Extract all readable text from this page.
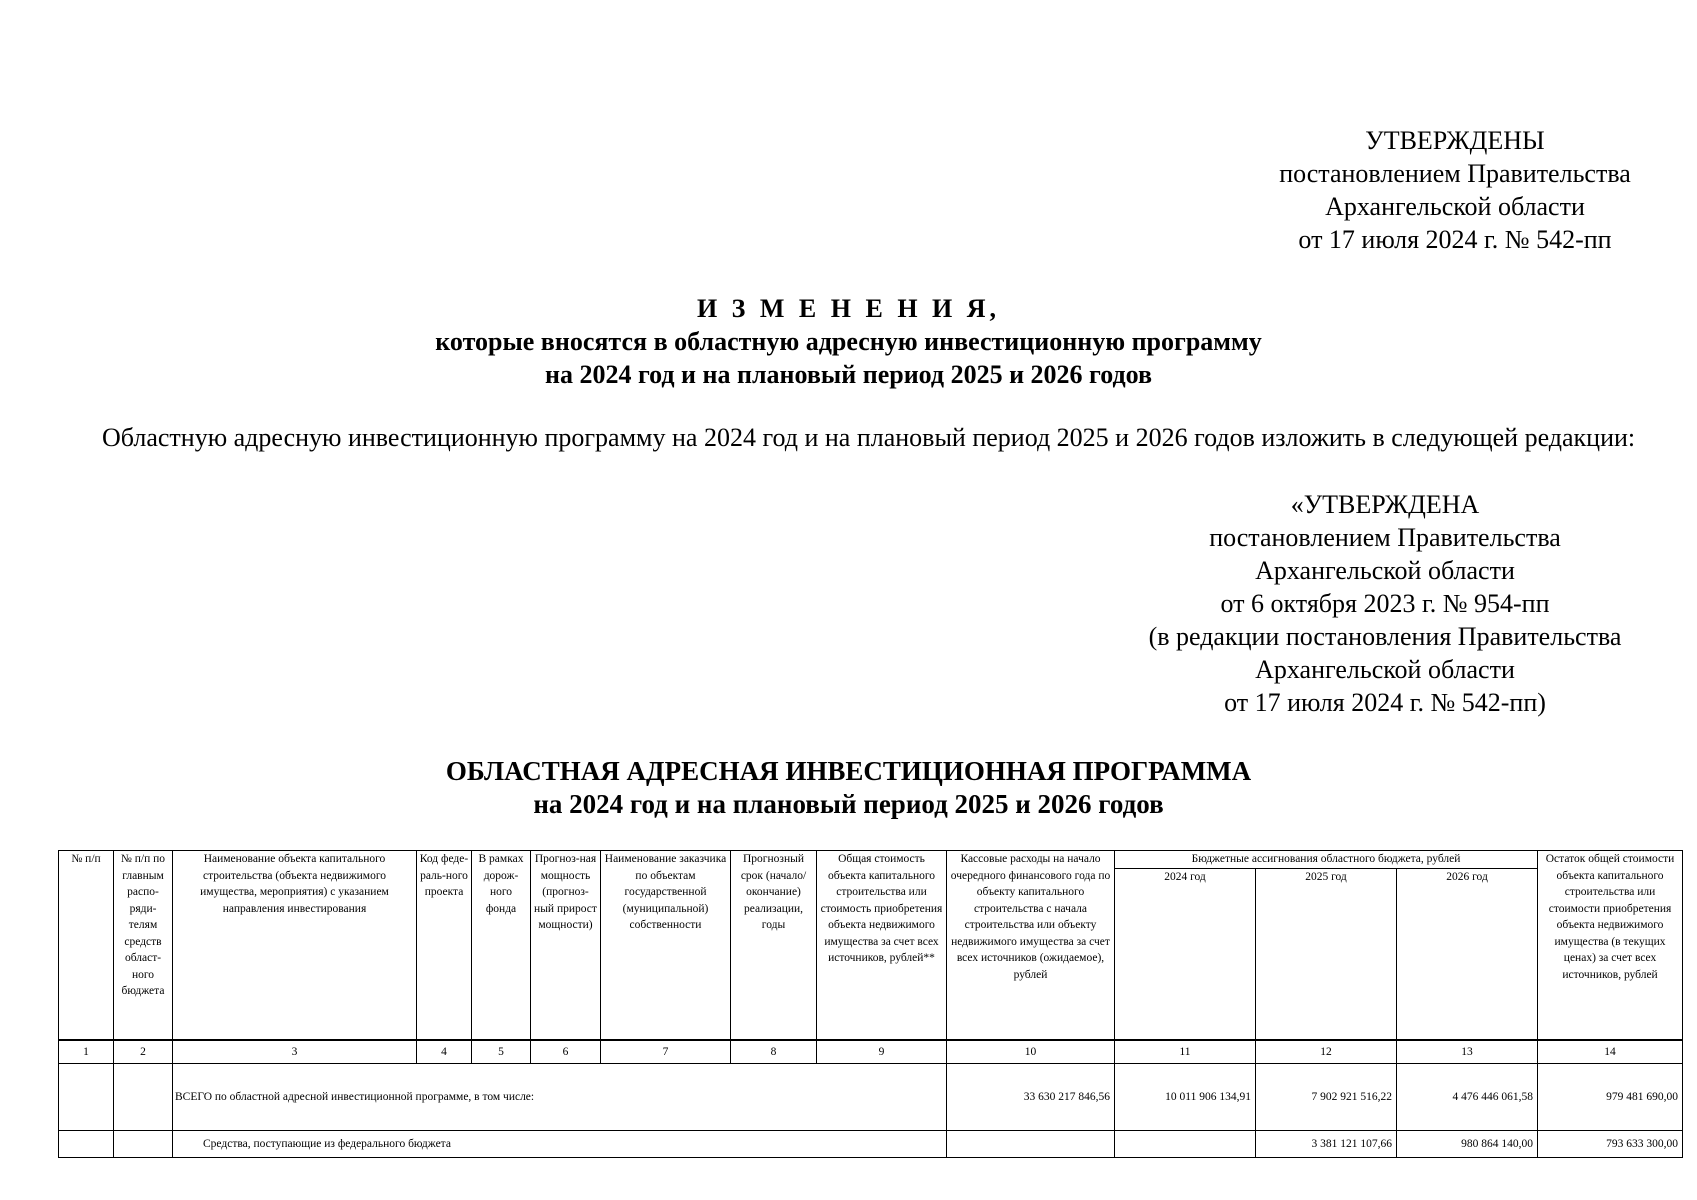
УТВЕРЖДЕНЫ
постановлением Правительства
Архангельской области
от 17 июля 2024 г. № 542-пп
И З М Е Н Е Н И Я,
которые вносятся в областную адресную инвестиционную программу
на 2024 год и на плановый период 2025 и 2026 годов
Областную адресную инвестиционную программу на 2024 год и на плановый период 2025 и 2026 годов изложить в следующей редакции:
«УТВЕРЖДЕНА
постановлением Правительства
Архангельской области
от 6 октября 2023 г. № 954-пп
(в редакции постановления Правительства
Архангельской области
от 17 июля 2024 г. № 542-пп)
ОБЛАСТНАЯ АДРЕСНАЯ ИНВЕСТИЦИОННАЯ ПРОГРАММА
на 2024 год и на плановый период 2025 и 2026 годов
№ п/п	№ п/п по главным распо-ряди-телям средств област-ного бюджета	Наименование объекта капитального строительства (объекта недвижимого имущества, мероприятия) с указанием направления инвестирования	Код феде-раль-ного проекта	В рамках дорож-ного фонда	Прогноз-ная мощность (прогноз-ный прирост мощности)	Наименование заказчика по объектам государственной (муниципальной) собственности	Прогнозный срок (начало/ окончание) реализации, годы	Общая стоимость объекта капитального строительства или стоимость приобретения объекта недвижимого имущества за счет всех источников, рублей**	Кассовые расходы на начало очередного финансового года по объекту капитального строительства с начала строительства или объекту недвижимого имущества за счет всех источников (ожидаемое), рублей	Бюджетные ассигнования областного бюджета, рублей			Остаток общей стоимости объекта капитального строительства или стоимости приобретения объекта недвижимого имущества (в текущих ценах) за счет всех источников, рублей	
										2024 год	2025 год	2026 год		
1	2	3	4	5	6	7	8	9	10	11	12	13	14	
		ВСЕГО по областной адресной инвестиционной программе, в том числе:							33 630 217 846,56	10 011 906 134,91	7 902 921 516,22	4 476 446 061,58	979 481 690,00	
		Средства, поступающие из федерального бюджета									3 381 121 107,66	980 864 140,00	793 633 300,00	
